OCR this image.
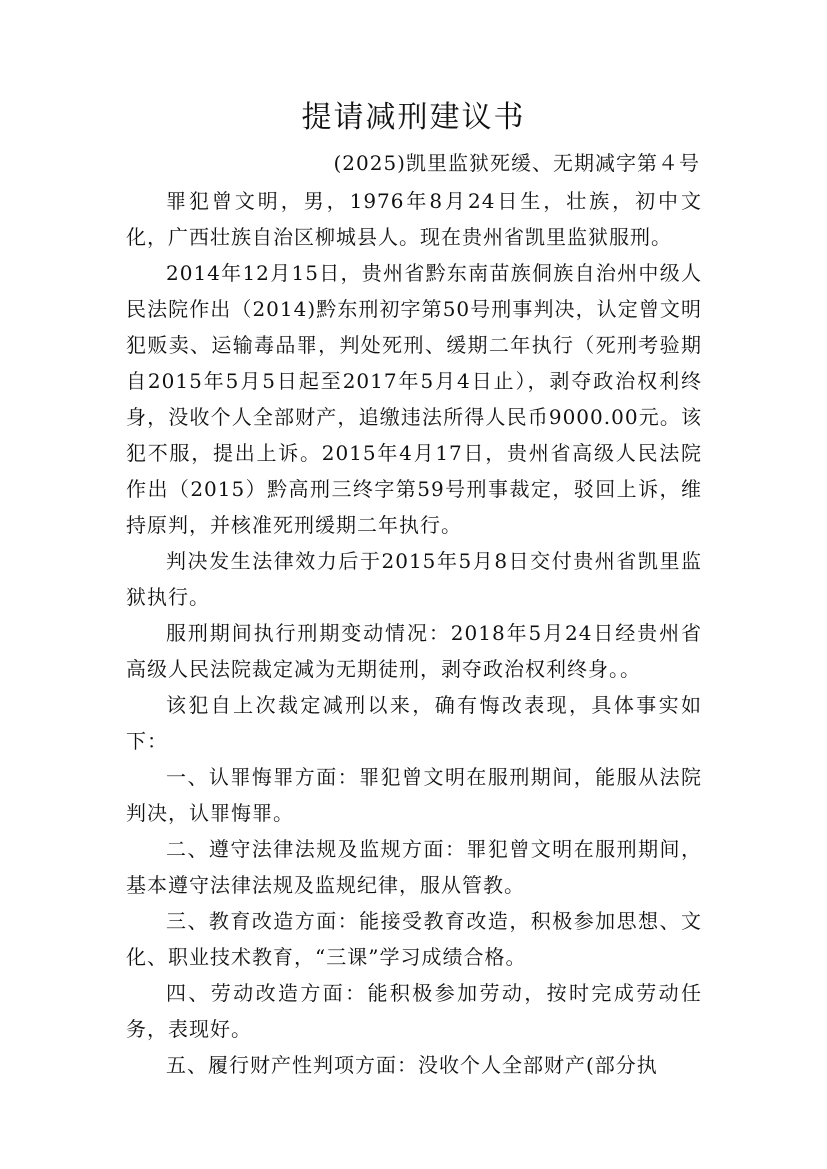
提请减刑建议书
(2025)凯里监狱死缓、无期减字第４号

罪犯曾文明，男，1976年8月24日生，壮族，初中文化，广西壮族自治区柳城县人。现在贵州省凯里监狱服刑。

2014年12月15日，贵州省黔东南苗族侗族自治州中级人民法院作出（2014)黔东刑初字第50号刑事判决，认定曾文明犯贩卖、运输毒品罪，判处死刑、缓期二年执行（死刑考验期自2015年5月5日起至2017年5月4日止），剥夺政治权利终身，没收个人全部财产，追缴违法所得人民币9000.00元。该犯不服，提出上诉。2015年4月17日，贵州省高级人民法院作出（2015）黔高刑三终字第59号刑事裁定，驳回上诉，维持原判，并核准死刑缓期二年执行。

判决发生法律效力后于2015年5月8日交付贵州省凯里监狱执行。

服刑期间执行刑期变动情况：2018年5月24日经贵州省高级人民法院裁定减为无期徒刑，剥夺政治权利终身。。

该犯自上次裁定减刑以来，确有悔改表现，具体事实如下：

一、认罪悔罪方面：罪犯曾文明在服刑期间，能服从法院判决，认罪悔罪。

二、遵守法律法规及监规方面：罪犯曾文明在服刑期间，基本遵守法律法规及监规纪律，服从管教。

三、教育改造方面：能接受教育改造，积极参加思想、文化、职业技术教育，“三课”学习成绩合格。

四、劳动改造方面：能积极参加劳动，按时完成劳动任务，表现好。

五、履行财产性判项方面：没收个人全部财产(部分执
